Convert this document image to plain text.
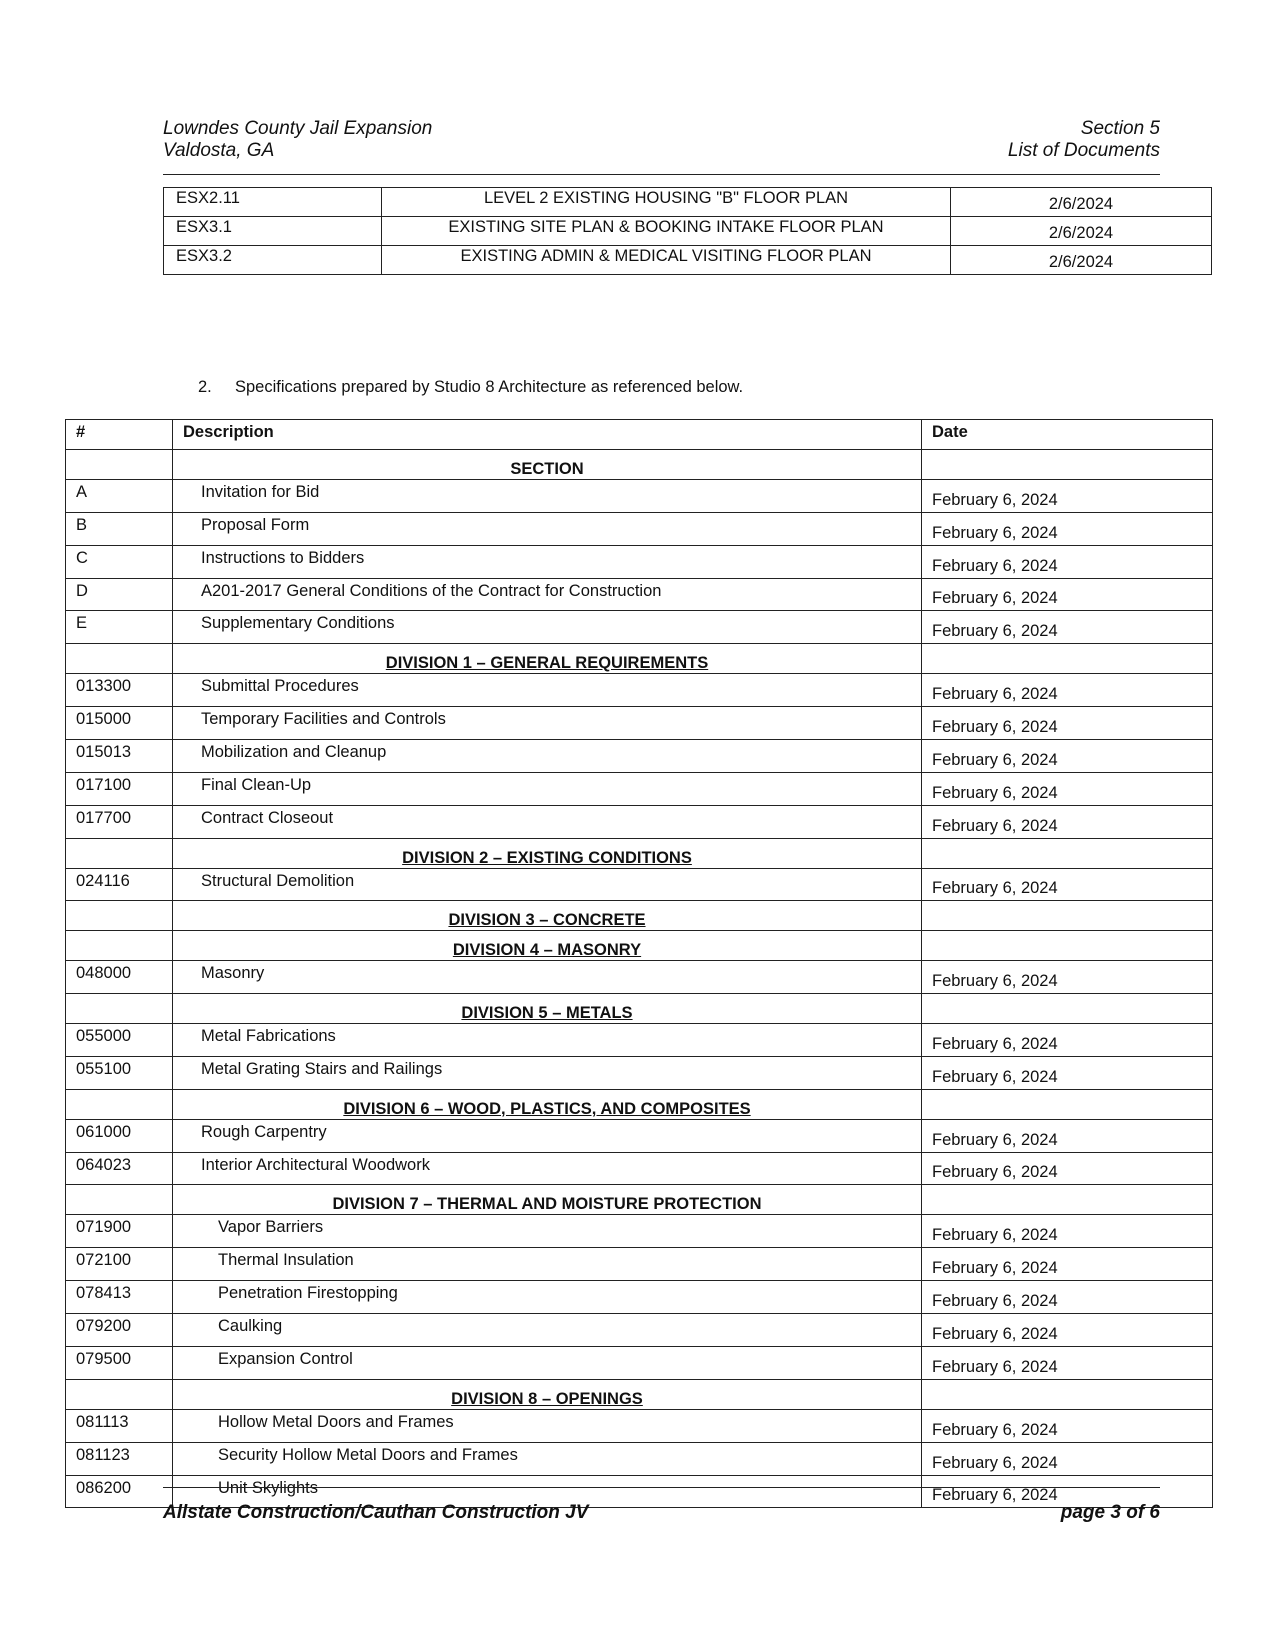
Lowndes County Jail Expansion
Valdosta, GA
Section 5
List of Documents
ESX2.11	LEVEL 2 EXISTING HOUSING "B" FLOOR PLAN	2/6/2024
ESX3.1	EXISTING SITE PLAN & BOOKING INTAKE FLOOR PLAN	2/6/2024
ESX3.2	EXISTING ADMIN & MEDICAL VISITING FLOOR PLAN	2/6/2024
2. Specifications prepared by Studio 8 Architecture as referenced below.
#	Description	Date
	SECTION	
A	Invitation for Bid	February 6, 2024
B	Proposal Form	February 6, 2024
C	Instructions to Bidders	February 6, 2024
D	A201-2017 General Conditions of the Contract for Construction	February 6, 2024
E	Supplementary Conditions	February 6, 2024
	DIVISION 1 – GENERAL REQUIREMENTS	
013300	Submittal Procedures	February 6, 2024
015000	Temporary Facilities and Controls	February 6, 2024
015013	Mobilization and Cleanup	February 6, 2024
017100	Final Clean-Up	February 6, 2024
017700	Contract Closeout	February 6, 2024
	DIVISION 2 – EXISTING CONDITIONS	
024116	Structural Demolition	February 6, 2024
	DIVISION 3 – CONCRETE	
	DIVISION 4 – MASONRY	
048000	Masonry	February 6, 2024
	DIVISION 5 – METALS	
055000	Metal Fabrications	February 6, 2024
055100	Metal Grating Stairs and Railings	February 6, 2024
	DIVISION 6 – WOOD, PLASTICS, AND COMPOSITES	
061000	Rough Carpentry	February 6, 2024
064023	Interior Architectural Woodwork	February 6, 2024
	DIVISION 7 – THERMAL AND MOISTURE PROTECTION	
071900	Vapor Barriers	February 6, 2024
072100	Thermal Insulation	February 6, 2024
078413	Penetration Firestopping	February 6, 2024
079200	Caulking	February 6, 2024
079500	Expansion Control	February 6, 2024
	DIVISION 8 – OPENINGS	
081113	Hollow Metal Doors and Frames	February 6, 2024
081123	Security Hollow Metal Doors and Frames	February 6, 2024
086200	Unit Skylights	February 6, 2024
Allstate Construction/Cauthan Construction JV	page 3 of 6
